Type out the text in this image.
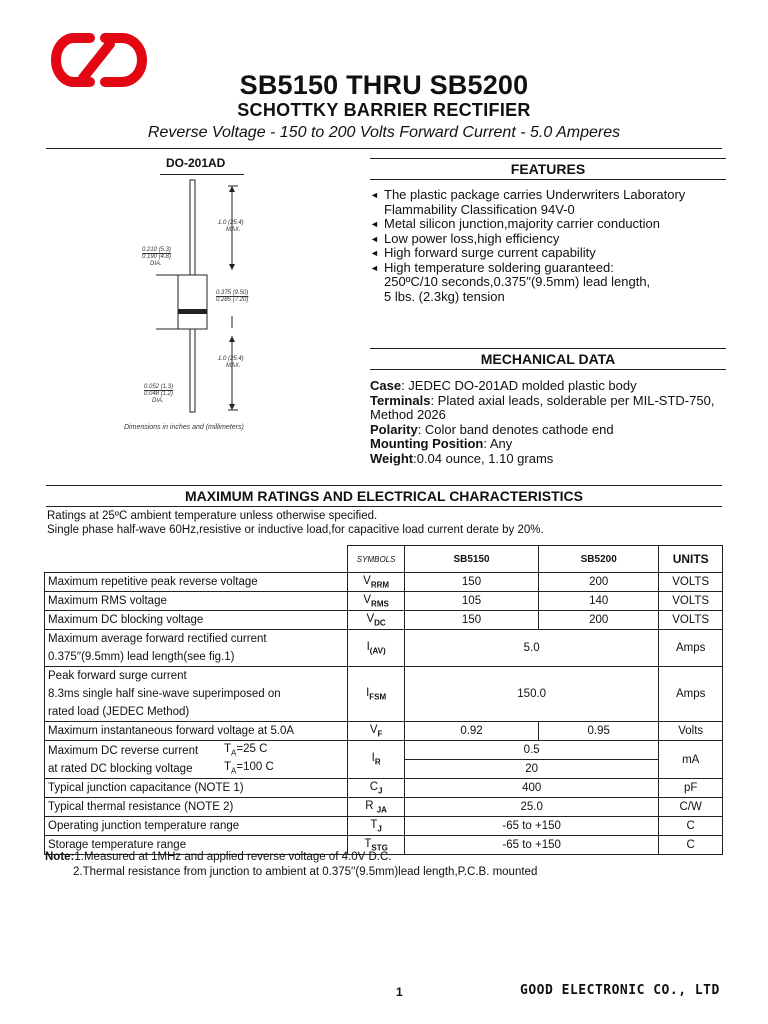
SB5150 THRU SB5200
SCHOTTKY BARRIER RECTIFIER
Reverse Voltage - 150 to 200 Volts Forward Current - 5.0 Amperes
DO-201AD
1.0 (25.4)
MAX.
0.210 (5.3)
0.190 (4.8)
DIA.
0.375 (9.50)
0.285 (7.20)
1.0 (25.4)
MAX.
0.052 (1.3)
0.048 (1.2)
DIA.
Dimensions in inches and (millimeters)
FEATURES
◄ The plastic package carries Underwriters Laboratory
Flammability Classification 94V-0
◄ Metal silicon junction,majority carrier conduction
◄ Low power loss,high efficiency
◄ High forward surge current capability
◄ High temperature soldering guaranteed:
250ºC/10 seconds,0.375′′(9.5mm) lead length,
5 lbs. (2.3kg) tension
MECHANICAL DATA
Case: JEDEC DO-201AD molded plastic body
Terminals: Plated axial leads, solderable per MIL-STD-750,
Method 2026
Polarity: Color band denotes cathode end
Mounting Position: Any
Weight:0.04 ounce, 1.10 grams
MAXIMUM RATINGS AND ELECTRICAL CHARACTERISTICS
Ratings at 25ºC ambient temperature unless otherwise specified.
Single phase half-wave 60Hz,resistive or inductive load,for capacitive load current derate by 20%.
	SYMBOLS	SB5150	SB5200	UNITS
Maximum repetitive peak reverse voltage	$V_{RRM}$	150	200	VOLTS
Maximum RMS voltage	$V_{RMS}$	105	140	VOLTS
Maximum DC blocking voltage	$V_{DC}$	150	200	VOLTS

Maximum average forward rectified current
0.375′′(9.5mm) lead length(see fig.1)	$I_{(AV)}$	5.0		Amps

Peak forward surge current
8.3ms single half sine-wave superimposed on
rated load (JEDEC Method)	$I_{FSM}$	150.0		Amps
Maximum instantaneous forward voltage at 5.0A	$V_F$	0.92	0.95	Volts

Maximum DC reverse current $T_A=25$ C
at rated DC blocking voltage $T_A=100$ C	$I_R$	0.5		mA
		20		
Typical junction capacitance (NOTE 1)	$C_J$	400		pF
Typical thermal resistance (NOTE 2)	R $_{JA}$	25.0		C/W
Operating junction temperature range	$T_J$	-65 to +150		C
Storage temperature range	$T_{STG}$	-65 to +150		C
Note:1.Measured at 1MHz and applied reverse voltage of 4.0V D.C.
2.Thermal resistance from junction to ambient at 0.375′′(9.5mm)lead length,P.C.B. mounted
1	GOOD ELECTRONIC CO., LTD
